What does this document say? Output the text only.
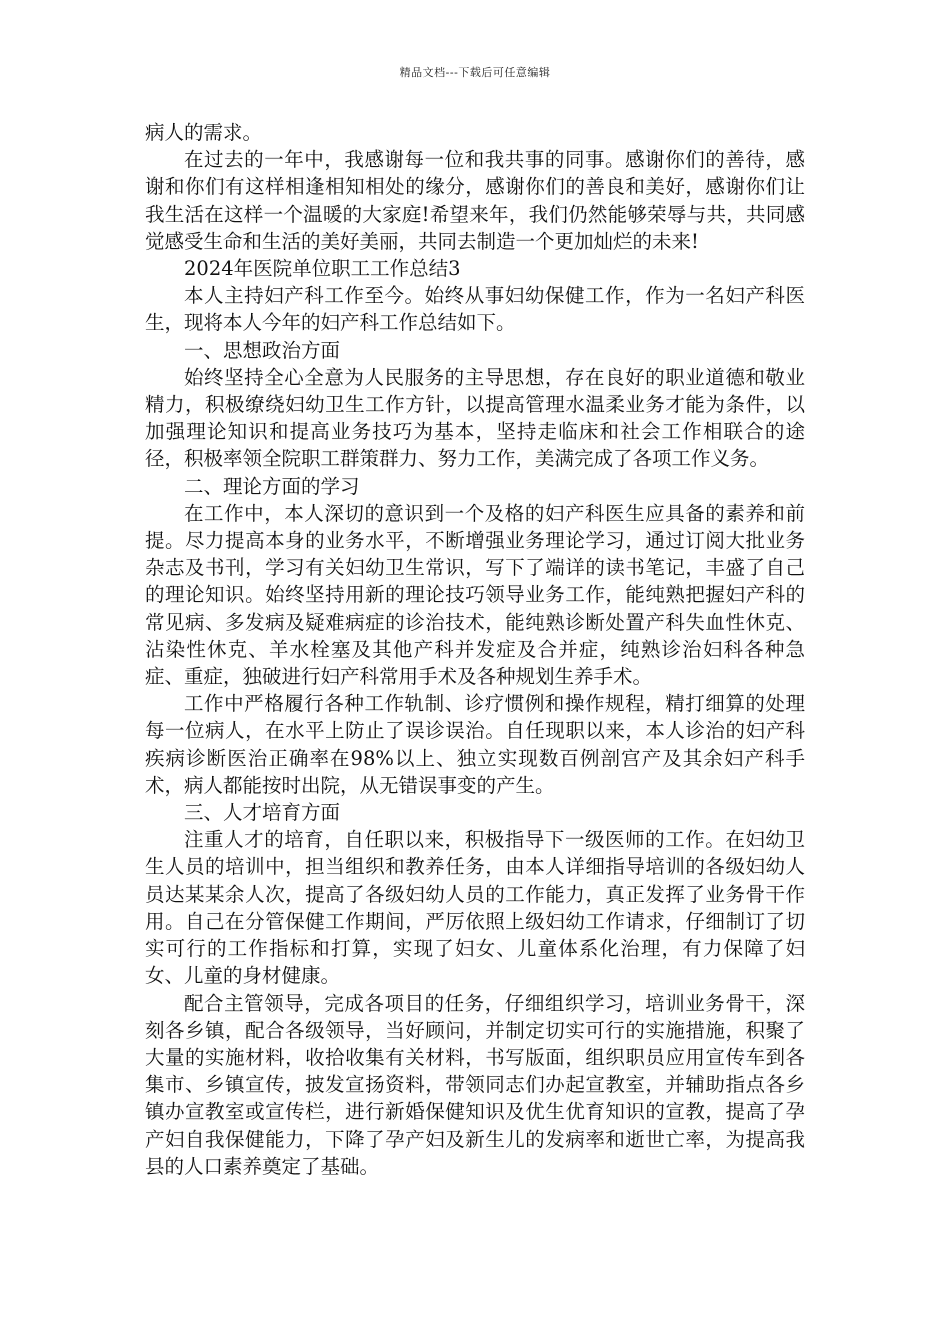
精品文档---下载后可任意编辑

病人的需求。

在过去的一年中，我感谢每一位和我共事的同事。感谢你们的善待，感谢和你们有这样相逢相知相处的缘分，感谢你们的善良和美好，感谢你们让我生活在这样一个温暖的大家庭!希望来年，我们仍然能够荣辱与共，共同感觉感受生命和生活的美好美丽，共同去制造一个更加灿烂的未来!

2024年医院单位职工工作总结3

本人主持妇产科工作至今。始终从事妇幼保健工作，作为一名妇产科医生，现将本人今年的妇产科工作总结如下。

一、思想政治方面

始终坚持全心全意为人民服务的主导思想，存在良好的职业道德和敬业精力，积极缭绕妇幼卫生工作方针，以提高管理水温柔业务才能为条件，以加强理论知识和提高业务技巧为基本，坚持走临床和社会工作相联合的途径，积极率领全院职工群策群力、努力工作，美满完成了各项工作义务。

二、理论方面的学习

在工作中，本人深切的意识到一个及格的妇产科医生应具备的素养和前提。尽力提高本身的业务水平，不断增强业务理论学习，通过订阅大批业务杂志及书刊，学习有关妇幼卫生常识，写下了端详的读书笔记，丰盛了自己的理论知识。始终坚持用新的理论技巧领导业务工作，能纯熟把握妇产科的常见病、多发病及疑难病症的诊治技术，能纯熟诊断处置产科失血性休克、沾染性休克、羊水栓塞及其他产科并发症及合并症，纯熟诊治妇科各种急症、重症，独破进行妇产科常用手术及各种规划生养手术。

工作中严格履行各种工作轨制、诊疗惯例和操作规程，精打细算的处理每一位病人，在水平上防止了误诊误治。自任现职以来，本人诊治的妇产科疾病诊断医治正确率在98%以上、独立实现数百例剖宫产及其余妇产科手术，病人都能按时出院，从无错误事变的产生。

三、人才培育方面

注重人才的培育，自任职以来，积极指导下一级医师的工作。在妇幼卫生人员的培训中，担当组织和教养任务，由本人详细指导培训的各级妇幼人员达某某余人次，提高了各级妇幼人员的工作能力，真正发挥了业务骨干作用。自己在分管保健工作期间，严厉依照上级妇幼工作请求，仔细制订了切实可行的工作指标和打算，实现了妇女、儿童体系化治理，有力保障了妇女、儿童的身材健康。

配合主管领导，完成各项目的任务，仔细组织学习，培训业务骨干，深刻各乡镇，配合各级领导，当好顾问，并制定切实可行的实施措施，积聚了大量的实施材料，收拾收集有关材料，书写版面，组织职员应用宣传车到各集市、乡镇宣传，披发宣扬资料，带领同志们办起宣教室，并辅助指点各乡镇办宣教室或宣传栏，进行新婚保健知识及优生优育知识的宣教，提高了孕产妇自我保健能力，下降了孕产妇及新生儿的发病率和逝世亡率，为提高我县的人口素养奠定了基础。
